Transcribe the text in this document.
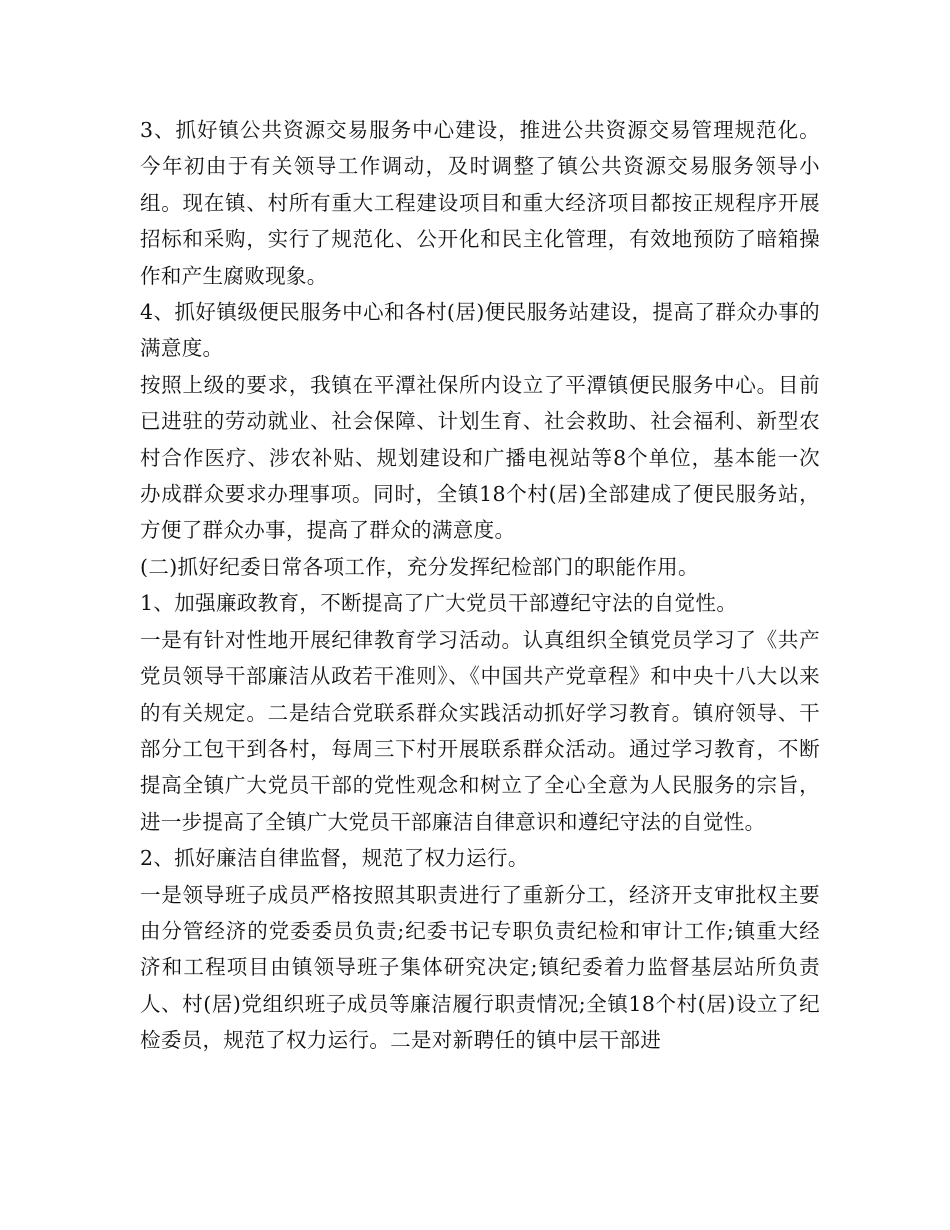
3、抓好镇公共资源交易服务中心建设，推进公共资源交易管理规范化。今年初由于有关领导工作调动，及时调整了镇公共资源交易服务领导小组。现在镇、村所有重大工程建设项目和重大经济项目都按正规程序开展招标和采购，实行了规范化、公开化和民主化管理，有效地预防了暗箱操作和产生腐败现象。

4、抓好镇级便民服务中心和各村(居)便民服务站建设，提高了群众办事的满意度。

按照上级的要求，我镇在平潭社保所内设立了平潭镇便民服务中心。目前已进驻的劳动就业、社会保障、计划生育、社会救助、社会福利、新型农村合作医疗、涉农补贴、规划建设和广播电视站等8个单位，基本能一次办成群众要求办理事项。同时，全镇18个村(居)全部建成了便民服务站，方便了群众办事，提高了群众的满意度。

(二)抓好纪委日常各项工作，充分发挥纪检部门的职能作用。

1、加强廉政教育，不断提高了广大党员干部遵纪守法的自觉性。

一是有针对性地开展纪律教育学习活动。认真组织全镇党员学习了《共产党员领导干部廉洁从政若干准则》、《中国共产党章程》和中央十八大以来的有关规定。二是结合党联系群众实践活动抓好学习教育。镇府领导、干部分工包干到各村，每周三下村开展联系群众活动。通过学习教育，不断提高全镇广大党员干部的党性观念和树立了全心全意为人民服务的宗旨，进一步提高了全镇广大党员干部廉洁自律意识和遵纪守法的自觉性。

2、抓好廉洁自律监督，规范了权力运行。

一是领导班子成员严格按照其职责进行了重新分工，经济开支审批权主要由分管经济的党委委员负责;纪委书记专职负责纪检和审计工作;镇重大经济和工程项目由镇领导班子集体研究决定;镇纪委着力监督基层站所负责人、村(居)党组织班子成员等廉洁履行职责情况;全镇18个村(居)设立了纪检委员，规范了权力运行。二是对新聘任的镇中层干部进
